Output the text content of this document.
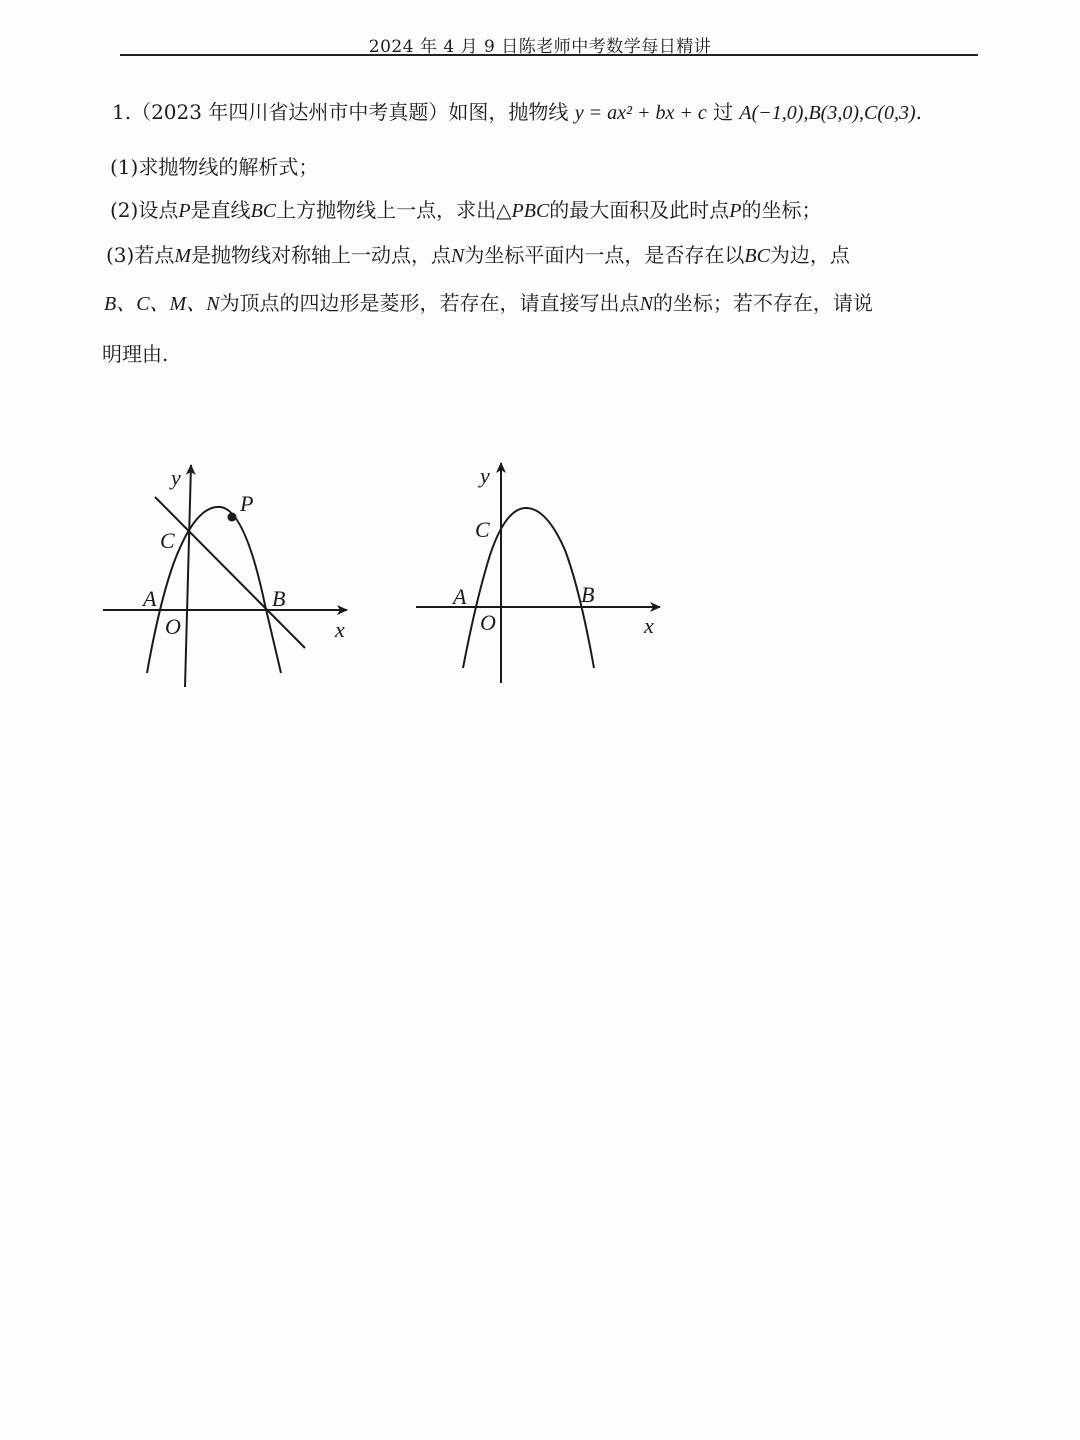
2024 年 4 月 9 日陈老师中考数学每日精讲
1.（2023 年四川省达州市中考真题）如图，抛物线 y = ax² + bx + c 过 A(−1,0),B(3,0),C(0,3).
(1)求抛物线的解析式；
(2)设点P是直线BC上方抛物线上一点，求出△PBC的最大面积及此时点P的坐标；
(3)若点M是抛物线对称轴上一动点，点N为坐标平面内一点，是否存在以BC为边，点
B、C、M、N为顶点的四边形是菱形，若存在，请直接写出点N的坐标；若不存在，请说
明理由.
y
x
O
A	B
C
P
y
x
O
A	B
C
